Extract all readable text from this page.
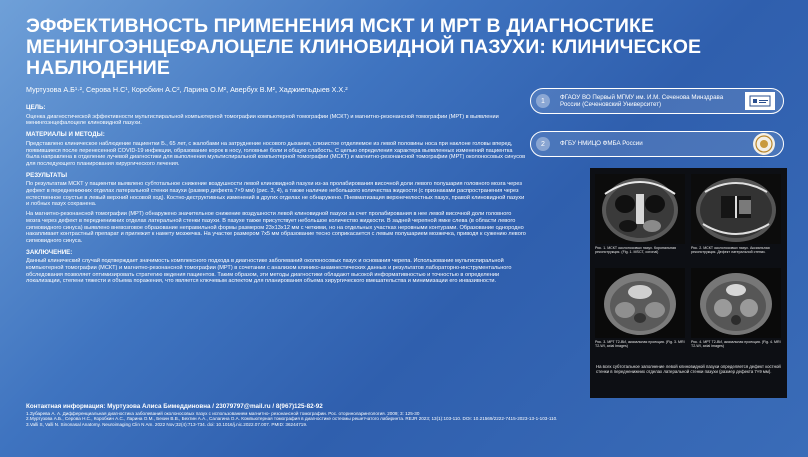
ЭФФЕКТИВНОСТЬ ПРИМЕНЕНИЯ МСКТ И МРТ В ДИАГНОСТИКЕ МЕНИНГОЭНЦЕФАЛОЦЕЛЕ КЛИНОВИДНОЙ ПАЗУХИ: КЛИНИЧЕСКОЕ НАБЛЮДЕНИЕ
Муртузова А.Б¹·², Серова Н.С¹, Коробкин А.С², Ларина О.М², Авербух В.М², Хаджиельдыев Х.Х.²
ЦЕЛЬ:

Оценка диагностической эффективности мультиспиральной компьютерной томографии компьютерной томографии (МСКТ) и магнитно-резонансной томографии (МРТ) в выявлении менингоэнцефалоцеле клиновидной пазухи.

МАТЕРИАЛЫ И МЕТОДЫ:

Представлено клиническое наблюдение пациентки Б., 65 лет, с жалобами на затруднение носового дыхания, слизистое отделяемое из левой половины носа при наклоне головы вперед, появившиеся после перенесенной COVID-19 инфекции, образование корок в носу, головные боли и общую слабость. С целью определения характера выявленных изменений пациентка была направлена в отделение лучевой диагностики для выполнения мультиспиральной компьютерной томографии (МСКТ) и магнитно-резонансной томографии (МРТ) околоносовых синусов для последующего планирования хирургического лечения.

РЕЗУЛЬТАТЫ

По результатам МСКТ у пациентки выявлено субтотальное снижение воздушности левой клиновидной пазухи из-за пролабирования височной доли левого полушария головного мозга через дефект в передненижних отделах латеральной стенки пазухи (размер дефекта 7×9 мм) (рис. 3, 4), а также наличие небольшого количества жидкости (с признаками распространения через естественное соустье в левый верхний носовой ход). Костно-деструктивных изменений в других отделах не обнаружено. Пневматизация верхнечелюстных пазух, правой клиновидной пазухи и лобных пазух сохранена.

На магнитно-резонансной томографии (МРТ) обнаружено значительное снижение воздушности левой клиновидной пазухи за счет пролабирования в нее левой височной доли головного мозга через дефект в передненижних отделах латеральной стенки пазухи. В пазухе также присутствует небольшое количество жидкости. В задней черепной ямке слева (в области левого сигмовидного синуса) выявлено вневозговое образование неправильной формы размером 23х13х12 мм с четкими, но на отдельных участках неровными контурами. Образование однородно накапливает контрастный препарат и прилежит к намету мозжечка. На участке размером 7х5 мм образование тесно соприкасается с левым полушарием мозжечка, приводя к сужению левого сигмовидного синуса.

ЗАКЛЮЧЕНИЕ:

Данный клинический случай подтверждает значимость комплексного подхода в диагностике заболеваний околоносовых пазух и основания черепа. Использование мультиспиральной компьютерной томографии (МСКТ) и магнитно-резонансной томографии (МРТ) в сочетании с анализом клинико-анамнестических данных и результатов лабораторно-инструментального обследования позволяет оптимизировать стратегию ведения пациентов. Таким образом, эти методы диагностики обладают высокой информативностью и точностью в определении локализации, степени тяжести и объема поражения, что является ключевым аспектом для планирования объема хирургического вмешательства и минимизации его инвазивности.

Контактная информация: Муртузова Алиса Бимеддиновна / 23079797@mail.ru / 8(967)125-82-92
1.Зубарева А. А. Дифференциальная диагностика заболеваний околоносовых пазух с использованием магнитно- резонансной томографии. Рос. оториноларингология. 2009; 3: 125-30
2.Муртузова А.Б., Серова Н.С., Коробкин А.С., Ларина О.М., Бехин В.В., Бехтин А.А., Салагина О.А. Компьютерная томография в диагностике остеомы решетчатого лабиринта. REJR 2023; 13(1):103-110. DOI: 10.21569/2222-7415-2023-13-1-103-110.
3.Valli S, Valli N. Sinonasal Anatomy. Neuroimaging Clin N Am. 2022 Nov;32(4):713-734. doi: 10.1016/j.nic.2022.07.007. PMID: 36244719.
1
ФГАОУ ВО Первый МГМУ им. И.М. Сеченова Минздрава России (Сеченовский Университет)
2	ФГБУ НМИЦО ФМБА России
Рис. 1. МСКТ околоносовых пазух. Корональная реконструкция. (Fig. 1. MSCT, coronal)
Рис. 2. МСКТ околоносовых пазух. Аксиальная реконструкция. Дефект латеральной стенки.
Рис. 3. МРТ Т2-ВИ, аксиальная проекция. (Fig. 3. MRI T2-WI, axial images)
Рис. 4. МРТ Т2-ВИ, аксиальная проекция. (Fig. 4. MRI T2-WI, axial images)
На всех субтотальное заполнение левой клиновидной пазухи определяется дефект костной стенки в передненижних отделах латеральной стенки пазухи (размер дефекта 7×9 мм).
